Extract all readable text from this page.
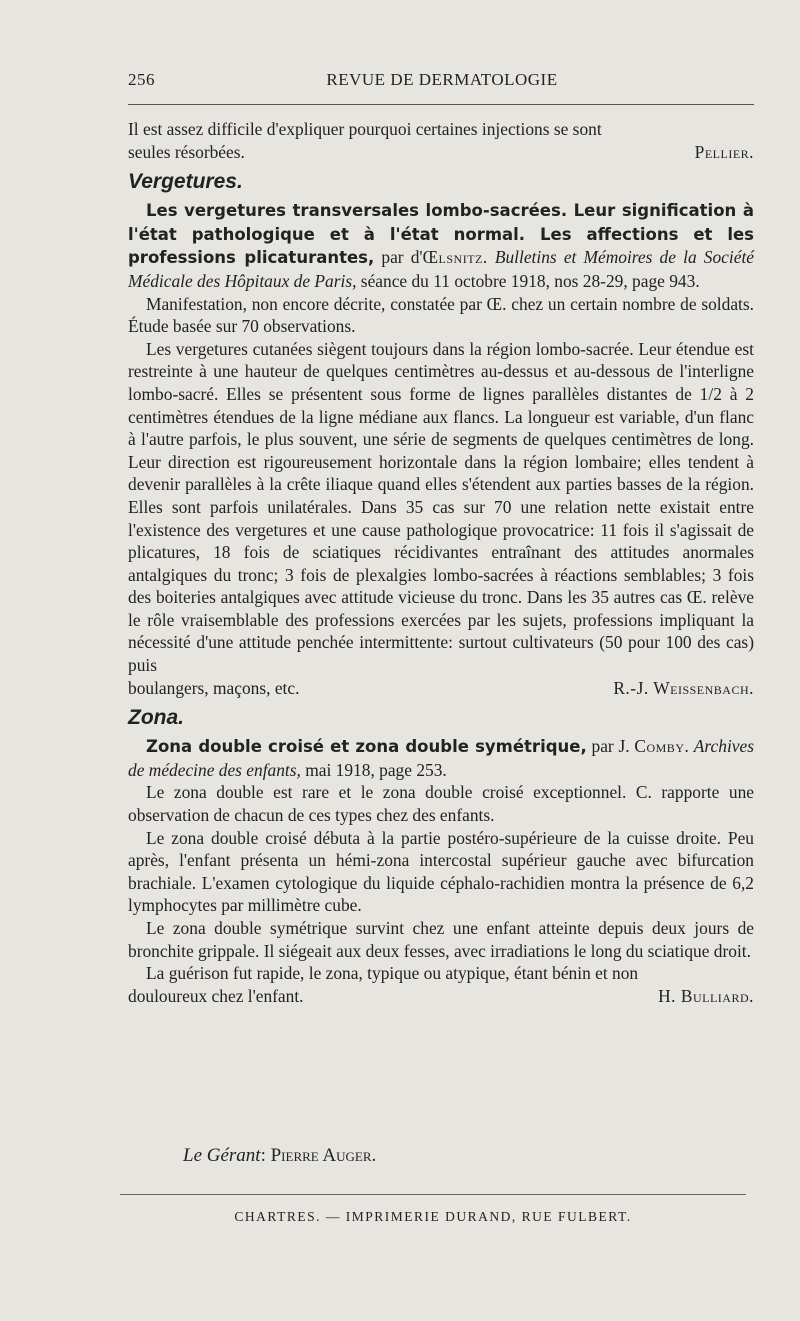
256	REVUE DE DERMATOLOGIE

Il est assez difficile d'expliquer pourquoi certaines injections se sont

seules résorbées.	Pellier.
Vergetures.

Les vergetures transversales lombo-sacrées. Leur signification à l'état pathologique et à l'état normal. Les affections et les professions plicaturantes, par d'Œlsnitz. Bulletins et Mémoires de la Société Médicale des Hôpitaux de Paris, séance du 11 octobre 1918, nos 28-29, page 943.

Manifestation, non encore décrite, constatée par Œ. chez un certain nombre de soldats. Étude basée sur 70 observations.

Les vergetures cutanées siègent toujours dans la région lombo-sacrée. Leur étendue est restreinte à une hauteur de quelques centimètres au-dessus et au-dessous de l'interligne lombo-sacré. Elles se présentent sous forme de lignes parallèles distantes de 1/2 à 2 centimètres étendues de la ligne médiane aux flancs. La longueur est variable, d'un flanc à l'autre parfois, le plus souvent, une série de segments de quelques centimètres de long. Leur direction est rigoureusement horizontale dans la région lombaire; elles tendent à devenir parallèles à la crête iliaque quand elles s'étendent aux parties basses de la région. Elles sont parfois unilatérales. Dans 35 cas sur 70 une relation nette existait entre l'existence des vergetures et une cause pathologique provocatrice: 11 fois il s'agissait de plicatures, 18 fois de sciatiques récidivantes entraînant des attitudes anormales antalgiques du tronc; 3 fois de plexalgies lombo-sacrées à réactions semblables; 3 fois des boiteries antalgiques avec attitude vicieuse du tronc. Dans les 35 autres cas Œ. relève le rôle vraisemblable des professions exercées par les sujets, professions impliquant la nécessité d'une attitude penchée intermittente: surtout cultivateurs (50 pour 100 des cas) puis

boulangers, maçons, etc.	R.-J. Weissenbach.
Zona.

Zona double croisé et zona double symétrique, par J. Comby. Archives de médecine des enfants, mai 1918, page 253.

Le zona double est rare et le zona double croisé exceptionnel. C. rapporte une observation de chacun de ces types chez des enfants.

Le zona double croisé débuta à la partie postéro-supérieure de la cuisse droite. Peu après, l'enfant présenta un hémi-zona intercostal supérieur gauche avec bifurcation brachiale. L'examen cytologique du liquide céphalo-rachidien montra la présence de 6,2 lymphocytes par millimètre cube.

Le zona double symétrique survint chez une enfant atteinte depuis deux jours de bronchite grippale. Il siégeait aux deux fesses, avec irradiations le long du sciatique droit.

La guérison fut rapide, le zona, typique ou atypique, étant bénin et non

douloureux chez l'enfant.	H. Bulliard.
Le Gérant: Pierre Auger.
CHARTRES. — IMPRIMERIE DURAND, RUE FULBERT.
